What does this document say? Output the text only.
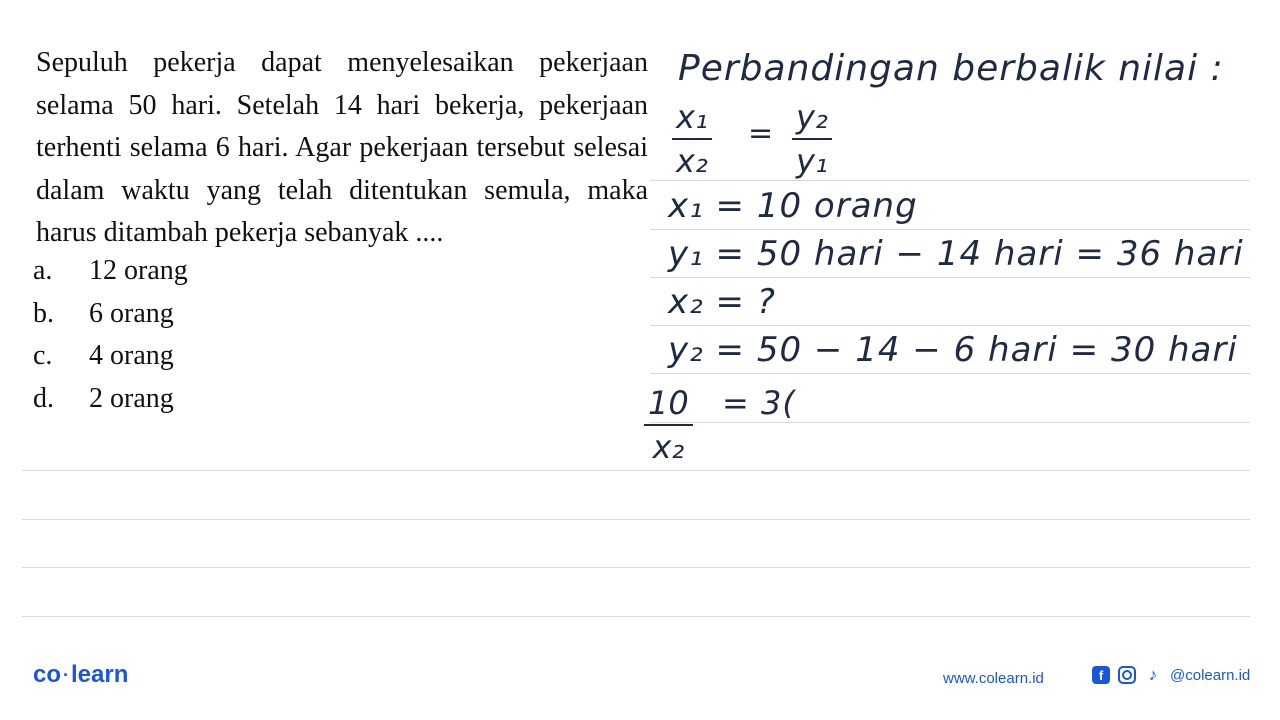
Sepuluh pekerja dapat menyelesaikan pekerjaan selama 50 hari. Setelah 14 hari bekerja, pekerjaan terhenti selama 6 hari. Agar pekerjaan tersebut selesai dalam waktu yang telah ditentukan semula, maka harus ditambah pekerja sebanyak ....
a.	12 orang
b.	6 orang
c.	4 orang
d.	2 orang
Perbandingan berbalik nilai :
x₁
x₂
= y₂
y₁
x₁ = 10 orang
y₁ = 50 hari − 14 hari = 36 hari
x₂ = ?
y₂ = 50 − 14 − 6 hari = 30 hari
10
x₂
= 3(
co ·learn	www.colearn.id	f	♪ @colearn.id
